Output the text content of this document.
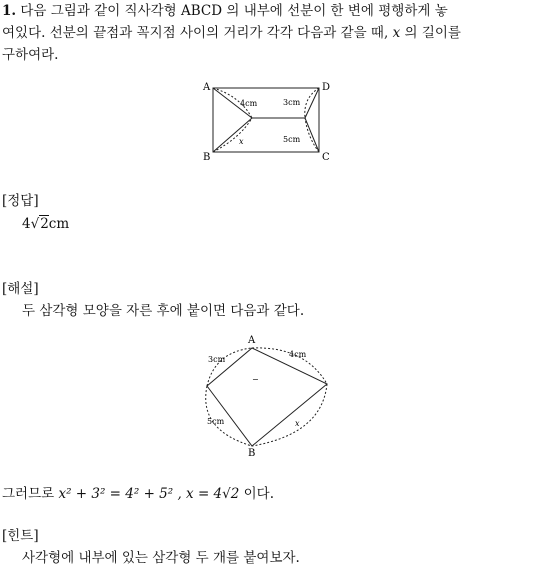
1. 다음 그림과 같이 직사각형 ABCD 의 내부에 선분이 한 변에 평행하게 놓
여있다. 선분의 끝점과 꼭지점 사이의 거리가 각각 다음과 같을 때, x 의 길이를
구하여라.
A
B	C
D
4cm	3cm
5cm
x
[정답]
4√2cm
[해설]
두 삼각형 모양을 자른 후에 붙이면 다음과 같다.
A
B
3cm
4cm
5cm	x
−
그러므로 x² + 3² = 4² + 5² , x = 4√2 이다.
[힌트]
사각형에 내부에 있는 삼각형 두 개를 붙여보자.
